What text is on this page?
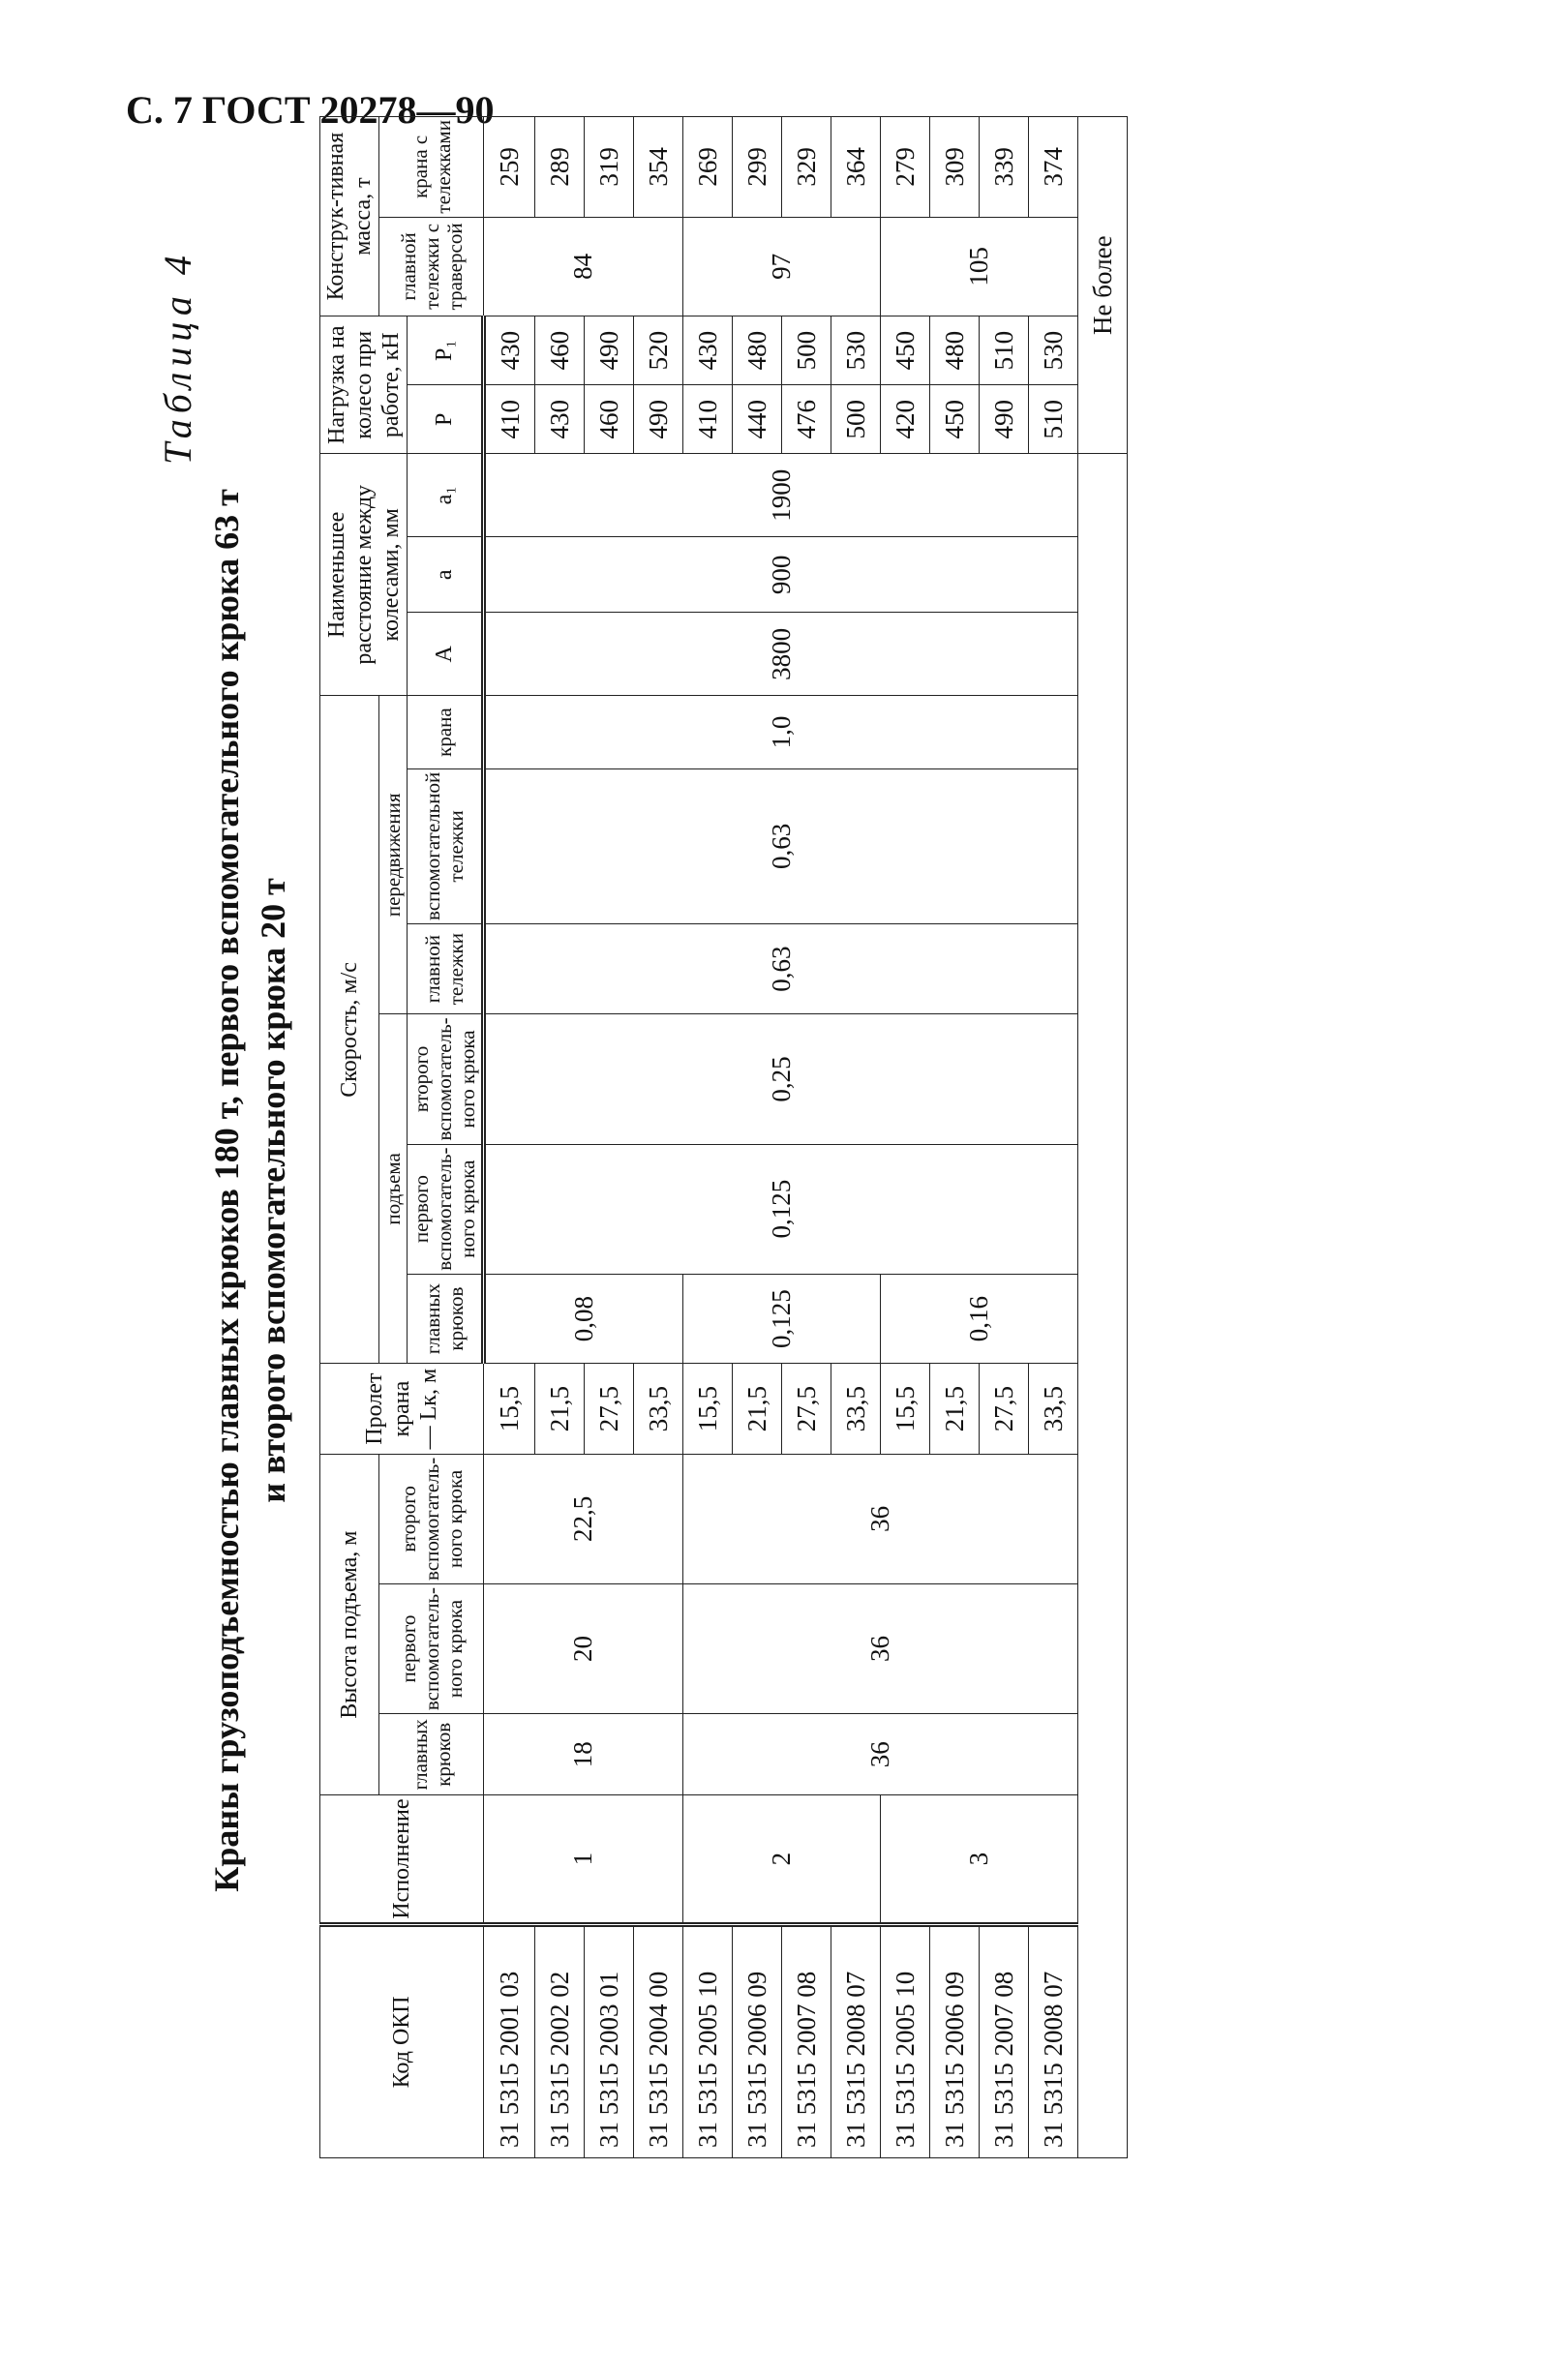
С. 7 ГОСТ 20278—90
Таблица 4
Краны грузоподъемностью главных крюков 180 т, первого вспомогательного крюка 63 т и второго вспомогательного крюка 20 т
Код ОКП	Исполнение	Высота подъема, м			Пролет крана — Lк, м	Скорость, м/с						Наименьшее расстояние между колесами, мм			Нагрузка на колесо при работе, кН		Конструк-тивная масса, т	
		главных крюков	первого вспомогатель-ного крюка	второго вспомогатель-ного крюка		подъема			передвижения								главной тележки с траверсой	крана с тележками
						главных крюков	первого вспомогатель-ного крюка	второго вспомогатель-ного крюка	главной тележки	вспомогательной тележки	крана	A	a	a₁	P	P₁		
31 5315 2001 03	1	18	20	22,5	15,5	0,08	0,125	0,25	0,63	0,63	1,0	3800	900	1900	410	430	84	259
31 5315 2002 02					21,5										430	460		289
31 5315 2003 01					27,5										460	490		319
31 5315 2004 00					33,5										490	520		354
31 5315 2005 10	2	36	36	36	15,5	0,125									410	430	97	269
31 5315 2006 09					21,5										440	480		299
31 5315 2007 08					27,5										476	500		329
31 5315 2008 07					33,5										500	530		364
31 5315 2005 10	3				15,5	0,16									420	450	105	279
31 5315 2006 09					21,5										450	480		309
31 5315 2007 08					27,5										490	510		339
31 5315 2008 07					33,5										510	530		374
															Не более			
